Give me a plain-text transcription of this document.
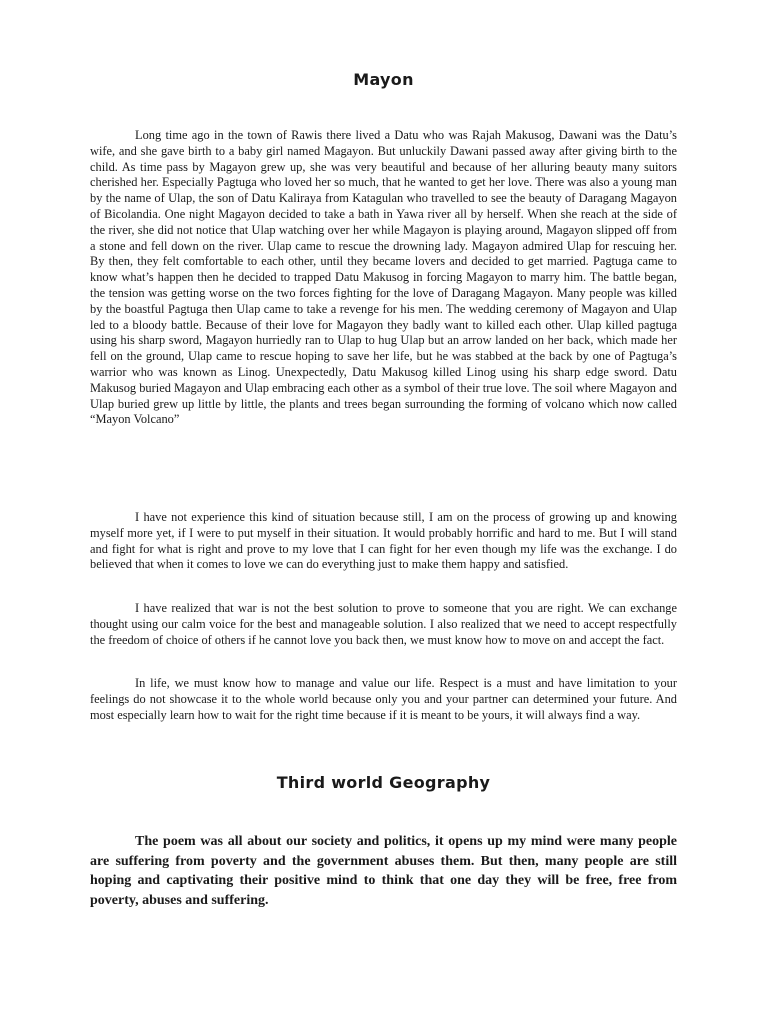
Mayon

Long time ago in the town of Rawis there lived a Datu who was Rajah Makusog, Dawani was the Datu’s wife, and she gave birth to a baby girl named Magayon. But unluckily Dawani passed away after giving birth to the child. As time pass by Magayon grew up, she was very beautiful and because of her alluring beauty many suitors cherished her. Especially Pagtuga who loved her so much, that he wanted to get her love. There was also a young man by the name of Ulap, the son of Datu Kaliraya from Katagulan who travelled to see the beauty of Daragang Magayon of Bicolandia. One night Magayon decided to take a bath in Yawa river all by herself. When she reach at the side of the river, she did not notice that Ulap watching over her while Magayon is playing around, Magayon slipped off from a stone and fell down on the river. Ulap came to rescue the drowning lady. Magayon admired Ulap for rescuing her. By then, they felt comfortable to each other, until they became lovers and decided to get married. Pagtuga came to know what’s happen then he decided to trapped Datu Makusog in forcing Magayon to marry him. The battle began, the tension was getting worse on the two forces fighting for the love of Daragang Magayon. Many people was killed by the boastful Pagtuga then Ulap came to take a revenge for his men. The wedding ceremony of Magayon and Ulap led to a bloody battle. Because of their love for Magayon they badly want to killed each other. Ulap killed pagtuga using his sharp sword, Magayon hurriedly ran to Ulap to hug Ulap but an arrow landed on her back, which made her fell on the ground, Ulap came to rescue hoping to save her life, but he was stabbed at the back by one of Pagtuga’s warrior who was known as Linog. Unexpectedly, Datu Makusog killed Linog using his sharp edge sword. Datu Makusog buried Magayon and Ulap embracing each other as a symbol of their true love. The soil where Magayon and Ulap buried grew up little by little, the plants and trees began surrounding the forming of volcano which now called “Mayon Volcano”

I have not experience this kind of situation because still, I am on the process of growing up and knowing myself more yet, if I were to put myself in their situation. It would probably horrific and hard to me. But I will stand and fight for what is right and prove to my love that I can fight for her even though my life was the exchange. I do believed that when it comes to love we can do everything just to make them happy and satisfied.

I have realized that war is not the best solution to prove to someone that you are right. We can exchange thought using our calm voice for the best and manageable solution. I also realized that we need to accept respectfully the freedom of choice of others if he cannot love you back then, we must know how to move on and accept the fact.

In life, we must know how to manage and value our life. Respect is a must and have limitation to your feelings do not showcase it to the whole world because only you and your partner can determined your future. And most especially learn how to wait for the right time because if it is meant to be yours, it will always find a way.

Third world Geography

The poem was all about our society and politics, it opens up my mind were many people are suffering from poverty and the government abuses them. But then, many people are still hoping and captivating their positive mind to think that one day they will be free, free from poverty, abuses and suffering.
